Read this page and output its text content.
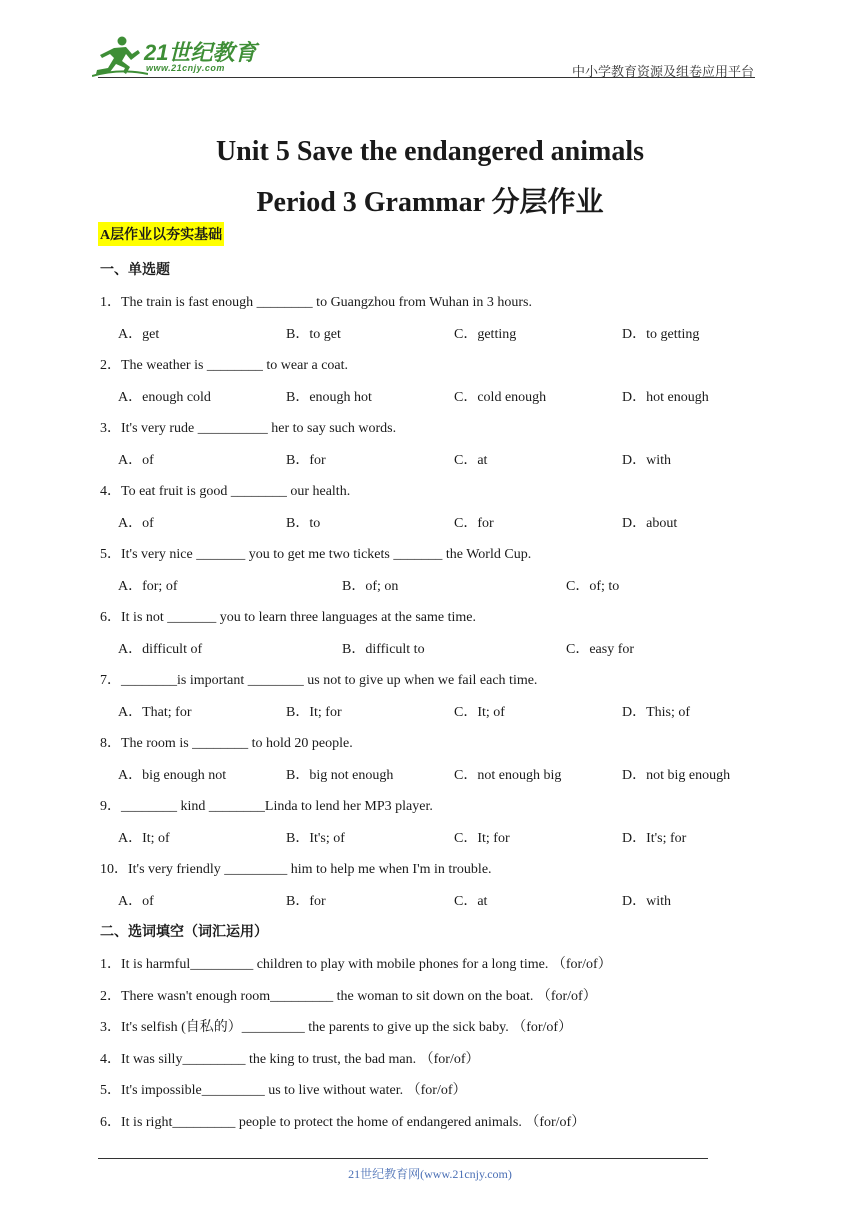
21世纪教育
www.21cnjy.com	中小学教育资源及组卷应用平台
Unit 5 Save the endangered animals
Period 3 Grammar 分层作业
A层作业以夯实基础
一、单选题
1．The train is fast enough ________ to Guangzhou from Wuhan in 3 hours.
A．get	B．to get	C．getting	D．to getting
2．The weather is ________ to wear a coat.
A．enough cold	B．enough hot	C．cold enough	D．hot enough
3．It's very rude __________ her to say such words.
A．of	B．for	C．at	D．with
4．To eat fruit is good ________ our health.
A．of	B．to	C．for	D．about
5．It's very nice _______ you to get me two tickets _______ the World Cup.
A．for; of	B．of; on	C．of; to
6．It is not _______ you to learn three languages at the same time.
A．difficult of	B．difficult to	C．easy for
7．________is important ________ us not to give up when we fail each time.
A．That; for	B．It; for	C．It; of	D．This; of
8．The room is ________ to hold 20 people.
A．big enough not	B．big not enough	C．not enough big	D．not big enough
9．________ kind ________Linda to lend her MP3 player.
A．It; of	B．It's; of	C．It; for	D．It's; for
10．It's very friendly _________ him to help me when I'm in trouble.
A．of	B．for	C．at	D．with
二、选词填空（词汇运用）
1．It is harmful_________ children to play with mobile phones for a long time. （for/of）
2．There wasn't enough room_________ the woman to sit down on the boat. （for/of）
3．It's selfish (自私的）_________ the parents to give up the sick baby. （for/of）
4．It was silly_________ the king to trust, the bad man. （for/of）
5．It's impossible_________ us to live without water. （for/of）
6．It is right_________ people to protect the home of endangered animals. （for/of）
21世纪教育网(www.21cnjy.com)
